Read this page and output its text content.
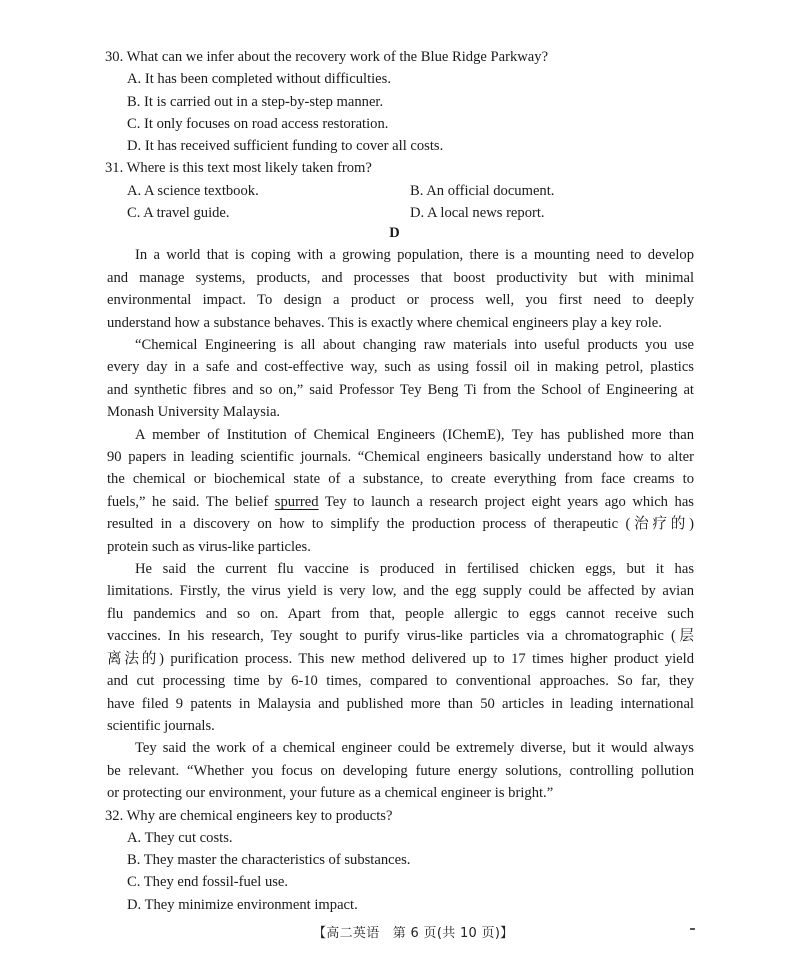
30. What can we infer about the recovery work of the Blue Ridge Parkway?
A. It has been completed without difficulties.
B. It is carried out in a step-by-step manner.
C. It only focuses on road access restoration.
D. It has received sufficient funding to cover all costs.
31. Where is this text most likely taken from?
A. A science textbook.	B. An official document.
C. A travel guide.	D. A local news report.
D
In a world that is coping with a growing population, there is a mounting need to develop
and manage systems, products, and processes that boost productivity but with minimal
environmental impact. To design a product or process well, you first need to deeply
understand how a substance behaves. This is exactly where chemical engineers play a key role.
“Chemical Engineering is all about changing raw materials into useful products you use
every day in a safe and cost-effective way, such as using fossil oil in making petrol, plastics
and synthetic fibres and so on,” said Professor Tey Beng Ti from the School of Engineering at
Monash University Malaysia.
A member of Institution of Chemical Engineers (IChemE), Tey has published more than
90 papers in leading scientific journals. “Chemical engineers basically understand how to alter
the chemical or biochemical state of a substance, to create everything from face creams to
fuels,” he said. The belief spurred Tey to launch a research project eight years ago which has
resulted in a discovery on how to simplify the production process of therapeutic (治疗的)
protein such as virus-like particles.
He said the current flu vaccine is produced in fertilised chicken eggs, but it has
limitations. Firstly, the virus yield is very low, and the egg supply could be affected by avian
flu pandemics and so on. Apart from that, people allergic to eggs cannot receive such
vaccines. In his research, Tey sought to purify virus-like particles via a chromatographic (层
离法的) purification process. This new method delivered up to 17 times higher product yield
and cut processing time by 6-10 times, compared to conventional approaches. So far, they
have filed 9 patents in Malaysia and published more than 50 articles in leading international
scientific journals.
Tey said the work of a chemical engineer could be extremely diverse, but it would always
be relevant. “Whether you focus on developing future energy solutions, controlling pollution
or protecting our environment, your future as a chemical engineer is bright.”
32. Why are chemical engineers key to products?
A. They cut costs.
B. They master the characteristics of substances.
C. They end fossil-fuel use.
D. They minimize environment impact.
【高二英语　第 6 页(共 10 页)】
